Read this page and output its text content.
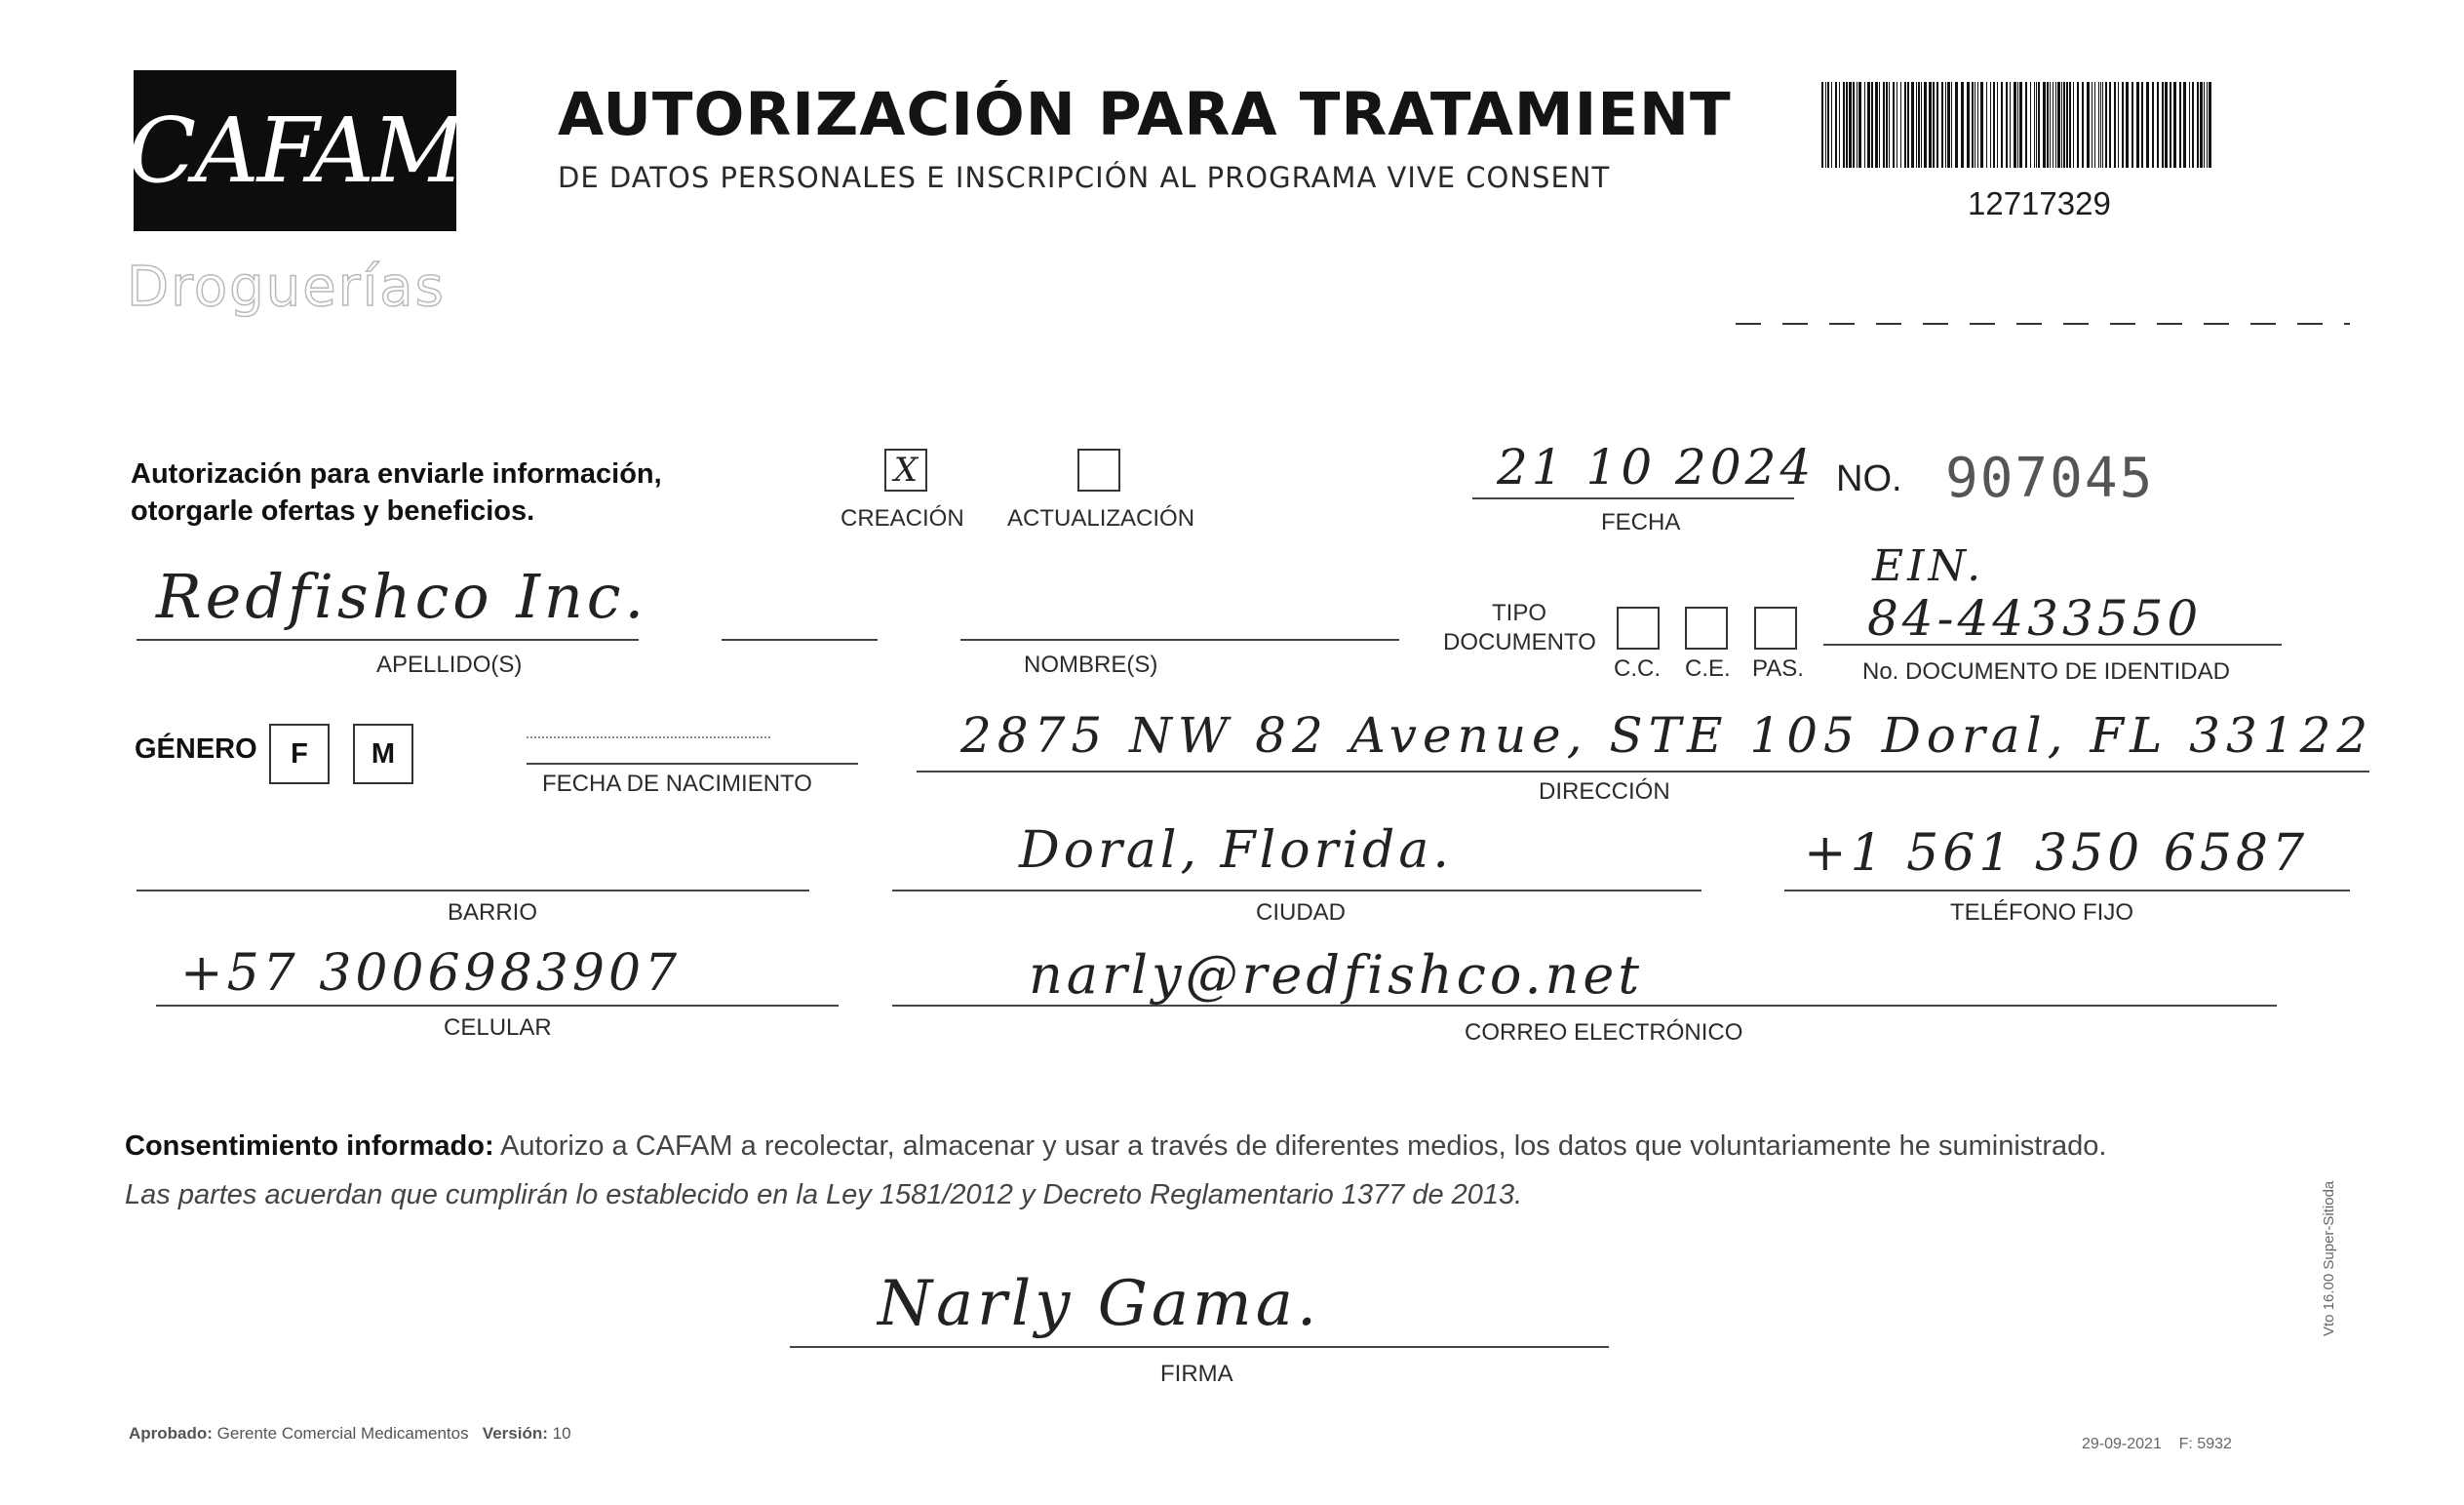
CAFAM
Droguerías
AUTORIZACIÓN PARA TRATAMIENT
DE DATOS PERSONALES E INSCRIPCIÓN AL PROGRAMA VIVE CONSENT
12717329
Autorización para enviarle información,
otorgarle ofertas y beneficios.
X
CREACIÓN ACTUALIZACIÓN
21 10 2024
FECHA
NO. 907045
Redfishco Inc.
APELLIDO(S)	NOMBRE(S)
TIPO
DOCUMENTO
C.C. C.E. PAS.
EIN.
84-4433550
No. DOCUMENTO DE IDENTIDAD
GÉNERO F M
FECHA DE NACIMIENTO
2875 NW 82 Avenue, STE 105 Doral, FL 33122
DIRECCIÓN
BARRIO
Doral, Florida.
CIUDAD
+1 561 350 6587
TELÉFONO FIJO
+57 3006983907
CELULAR
narly@redfishco.net
CORREO ELECTRÓNICO
Consentimiento informado: Autorizo a CAFAM a recolectar, almacenar y usar a través de diferentes medios, los datos que voluntariamente he suministrado.
Las partes acuerdan que cumplirán lo establecido en la Ley 1581/2012 y Decreto Reglamentario 1377 de 2013.
Narly Gama.
FIRMA
Aprobado: Gerente Comercial Medicamentos Versión: 10
29-09-2021 F: 5932
Vto 16.00 Super-Sitioda
